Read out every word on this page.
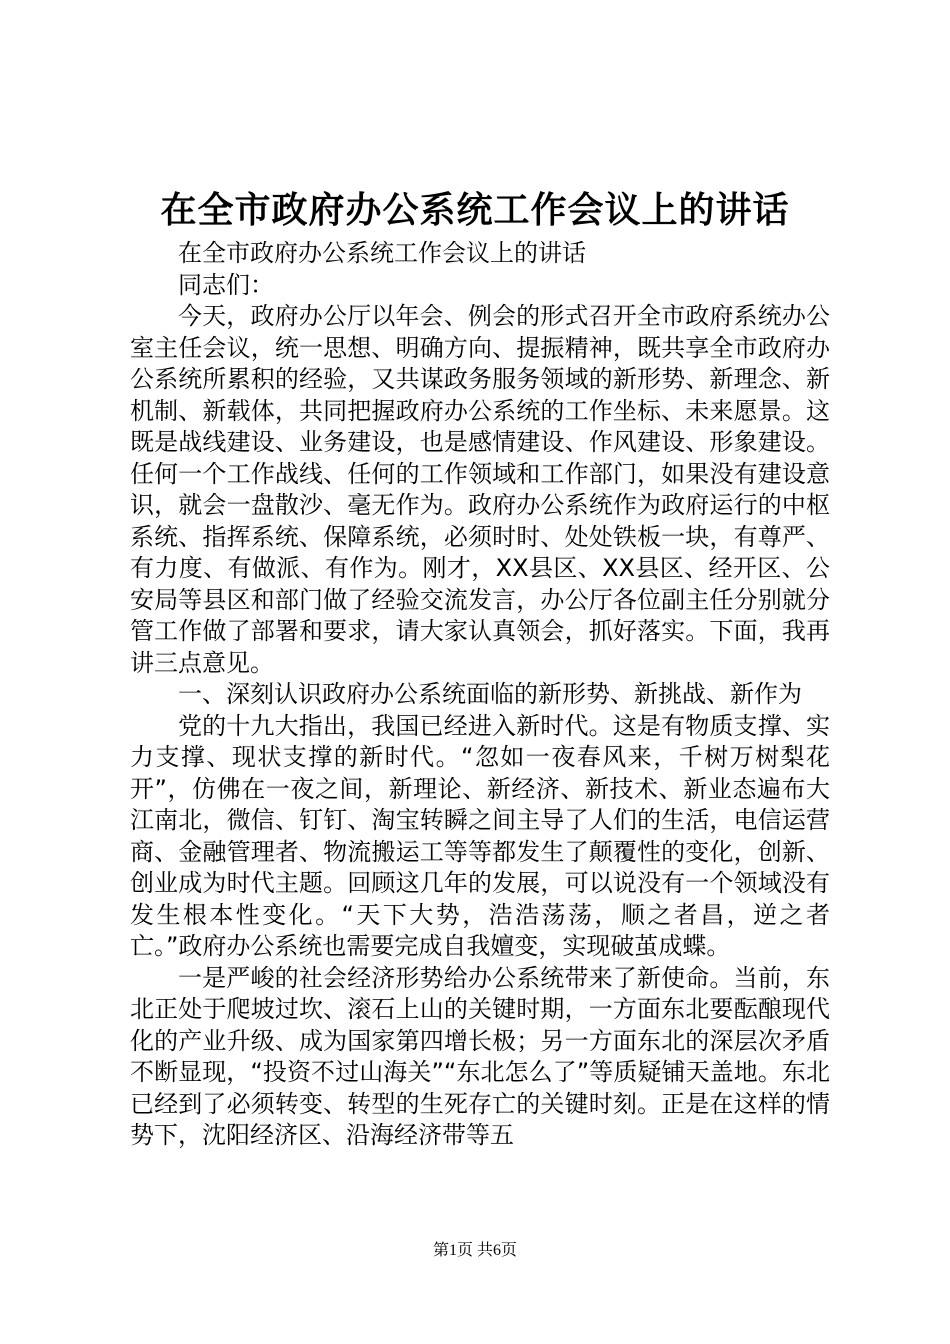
在全市政府办公系统工作会议上的讲话

在全市政府办公系统工作会议上的讲话

同志们：

今天，政府办公厅以年会、例会的形式召开全市政府系统办公室主任会议，统一思想、明确方向、提振精神，既共享全市政府办公系统所累积的经验，又共谋政务服务领域的新形势、新理念、新机制、新载体，共同把握政府办公系统的工作坐标、未来愿景。这既是战线建设、业务建设，也是感情建设、作风建设、形象建设。任何一个工作战线、任何的工作领域和工作部门，如果没有建设意识，就会一盘散沙、毫无作为。政府办公系统作为政府运行的中枢系统、指挥系统、保障系统，必须时时、处处铁板一块，有尊严、有力度、有做派、有作为。刚才，XX县区、XX县区、经开区、公安局等县区和部门做了经验交流发言，办公厅各位副主任分别就分管工作做了部署和要求，请大家认真领会，抓好落实。下面，我再讲三点意见。

一、深刻认识政府办公系统面临的新形势、新挑战、新作为

党的十九大指出，我国已经进入新时代。这是有物质支撑、实力支撑、现状支撑的新时代。“忽如一夜春风来，千树万树梨花开”，仿佛在一夜之间，新理论、新经济、新技术、新业态遍布大江南北，微信、钉钉、淘宝转瞬之间主导了人们的生活，电信运营商、金融管理者、物流搬运工等等都发生了颠覆性的变化，创新、创业成为时代主题。回顾这几年的发展，可以说没有一个领域没有发生根本性变化。“天下大势，浩浩荡荡，顺之者昌，逆之者亡。”政府办公系统也需要完成自我嬗变，实现破茧成蝶。

一是严峻的社会经济形势给办公系统带来了新使命。当前，东北正处于爬坡过坎、滚石上山的关键时期，一方面东北要酝酿现代化的产业升级、成为国家第四增长极；另一方面东北的深层次矛盾不断显现，“投资不过山海关”“东北怎么了”等质疑铺天盖地。东北已经到了必须转变、转型的生死存亡的关键时刻。正是在这样的情势下，沈阳经济区、沿海经济带等五

第1页 共6页
